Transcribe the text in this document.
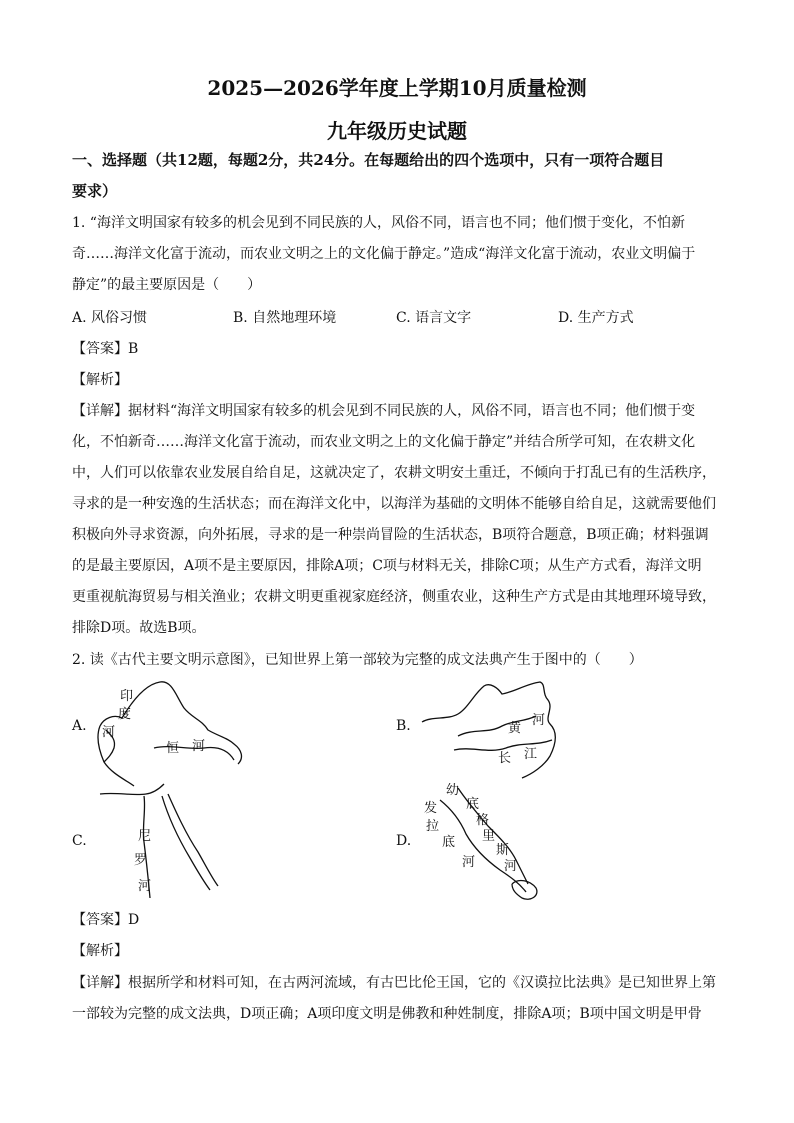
2025—2026学年度上学期10月质量检测
九年级历史试题
一、选择题（共12题，每题2分，共24分。在每题给出的四个选项中，只有一项符合题目
要求）
1. “海洋文明国家有较多的机会见到不同民族的人，风俗不同，语言也不同；他们惯于变化，不怕新
奇……海洋文化富于流动，而农业文明之上的文化偏于静定。”造成“海洋文化富于流动，农业文明偏于
静定”的最主要原因是（　　）
A. 风俗习惯	B. 自然地理环境	C. 语言文字	D. 生产方式
【答案】B
【解析】
【详解】据材料“海洋文明国家有较多的机会见到不同民族的人，风俗不同，语言也不同；他们惯于变
化，不怕新奇……海洋文化富于流动，而农业文明之上的文化偏于静定”并结合所学可知，在农耕文化
中，人们可以依靠农业发展自给自足，这就决定了，农耕文明安土重迁，不倾向于打乱已有的生活秩序，
寻求的是一种安逸的生活状态；而在海洋文化中，以海洋为基础的文明体不能够自给自足，这就需要他们
积极向外寻求资源，向外拓展，寻求的是一种崇尚冒险的生活状态，B项符合题意，B项正确；材料强调
的是最主要原因，A项不是主要原因，排除A项；C项与材料无关，排除C项；从生产方式看，海洋文明
更重视航海贸易与相关渔业；农耕文明更重视家庭经济，侧重农业，这种生产方式是由其地理环境导致，
排除D项。故选B项。
2. 读《古代主要文明示意图》，已知世界上第一部较为完整的成文法典产生于图中的（　　）
A.	B.
C.	D.
印
度
河
恒 河
黄
河
长 江
尼
罗
河
幼
发
拉
底
河
底
格
里
斯
河
【答案】D
【解析】
【详解】根据所学和材料可知，在古两河流域，有古巴比伦王国，它的《汉谟拉比法典》是已知世界上第
一部较为完整的成文法典，D项正确；A项印度文明是佛教和种姓制度，排除A项；B项中国文明是甲骨
